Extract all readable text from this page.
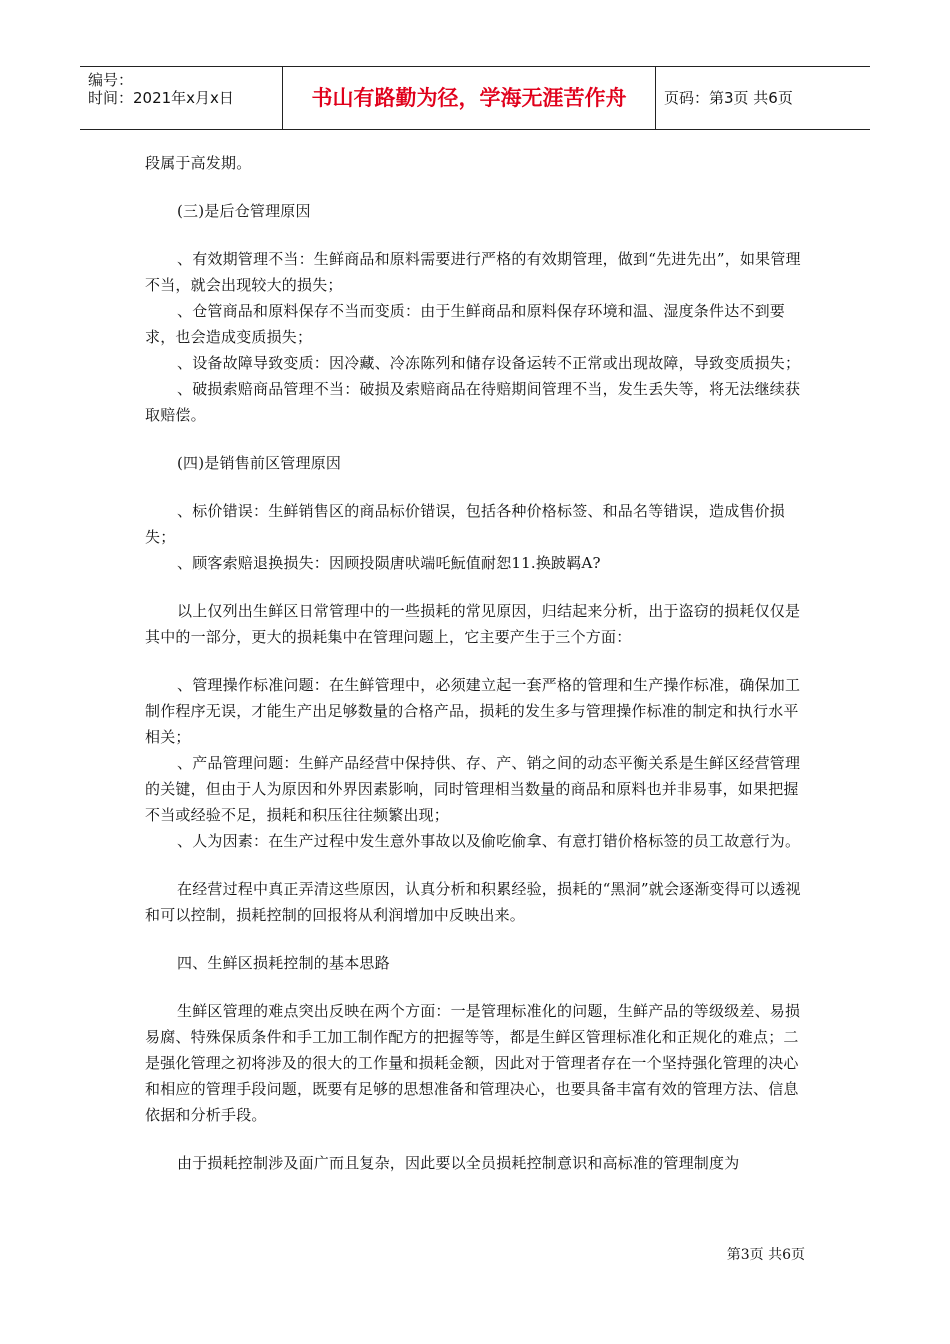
编号：
时间：2021年x月x日	书山有路勤为径，学海无涯苦作舟	页码：第3页 共6页

段属于高发期。

(三)是后仓管理原因

、有效期管理不当：生鲜商品和原料需要进行严格的有效期管理，做到“先进先出”，如果管理不当，就会出现较大的损失；

、仓管商品和原料保存不当而变质：由于生鲜商品和原料保存环境和温、湿度条件达不到要求，也会造成变质损失；

、设备故障导致变质：因冷藏、冷冻陈列和储存设备运转不正常或出现故障，导致变质损失；

、破损索赔商品管理不当：破损及索赔商品在待赔期间管理不当，发生丢失等，将无法继续获取赔偿。

(四)是销售前区管理原因

、标价错误：生鲜销售区的商品标价错误，包括各种价格标签、和品名等错误，造成售价损失；

、顾客索赔退换损失：因顾投陨唐吠端吒魭值耐恕11.换跛羁A?

以上仅列出生鲜区日常管理中的一些损耗的常见原因，归结起来分析，出于盗窃的损耗仅仅是其中的一部分，更大的损耗集中在管理问题上，它主要产生于三个方面：

、管理操作标准问题：在生鲜管理中，必须建立起一套严格的管理和生产操作标准，确保加工制作程序无误，才能生产出足够数量的合格产品，损耗的发生多与管理操作标准的制定和执行水平相关；

、产品管理问题：生鲜产品经营中保持供、存、产、销之间的动态平衡关系是生鲜区经营管理的关键，但由于人为原因和外界因素影响，同时管理相当数量的商品和原料也并非易事，如果把握不当或经验不足，损耗和积压往往频繁出现；

、人为因素：在生产过程中发生意外事故以及偷吃偷拿、有意打错价格标签的员工故意行为。

在经营过程中真正弄清这些原因，认真分析和积累经验，损耗的“黑洞”就会逐渐变得可以透视和可以控制，损耗控制的回报将从利润增加中反映出来。

四、生鲜区损耗控制的基本思路

生鲜区管理的难点突出反映在两个方面：一是管理标准化的问题，生鲜产品的等级级差、易损易腐、特殊保质条件和手工加工制作配方的把握等等，都是生鲜区管理标准化和正规化的难点；二是强化管理之初将涉及的很大的工作量和损耗金额，因此对于管理者存在一个坚持强化管理的决心和相应的管理手段问题，既要有足够的思想准备和管理决心，也要具备丰富有效的管理方法、信息依据和分析手段。

由于损耗控制涉及面广而且复杂，因此要以全员损耗控制意识和高标准的管理制度为

第3页 共6页
